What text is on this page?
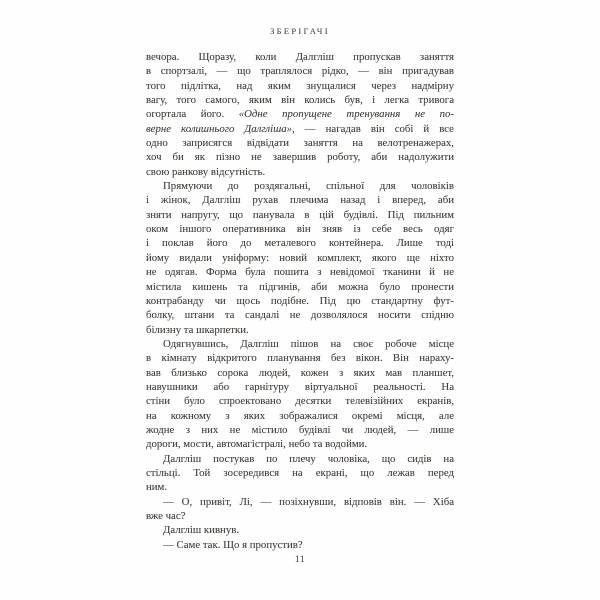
ЗБЕРІГАЧІ
вечора. Щоразу, коли Далгліш пропускав заняття
в спортзалі, — що траплялося рідко, — він пригадував
того підлітка, над яким знущалися через надмірну
вагу, того самого, яким він колись був, і легка тривога
огортала його. «Одне пропущене тренування не по-
верне колишнього Далгліша», — нагадав він собі й все
одно заприсягся відвідати заняття на велотренажерах,
хоч би як пізно не завершив роботу, аби надолужити
свою ранкову відсутність.
Прямуючи до роздягальні, спільної для чоловіків
і жінок, Далгліш рухав плечима назад і вперед, аби
зняти напругу, що панувала в цій будівлі. Під пильним
оком іншого оперативника він зняв із себе весь одяг
і поклав його до металевого контейнера. Лише тоді
йому видали уніформу: новий комплект, якого ще ніхто
не одягав. Форма була пошита з невідомої тканини й не
містила кишень та підгинів, аби можна було пронести
контрабанду чи щось подібне. Під цю стандартну фут-
болку, штани та сандалі не дозволялося носити спідню
білизну та шкарпетки.
Одягнувшись, Далгліш пішов на своє робоче місце
в кімнату відкритого планування без вікон. Він нараху-
вав близько сорока людей, кожен з яких мав планшет,
навушники або гарнітуру віртуальної реальності. На
стіни було спроектовано десятки телевізійних екранів,
на кожному з яких зображалися окремі місця, але
жодне з них не містило будівлі чи людей, — лише
дороги, мости, автомагістралі, небо та водойми.
Далгліш постукав по плечу чоловіка, що сидів на
стільці. Той зосередився на екрані, що лежав перед
ним.
— О, привіт, Лі, — позіхнувши, відповів він. — Хіба
вже час?
Далгліш кивнув.
— Саме так. Що я пропустив?
11
